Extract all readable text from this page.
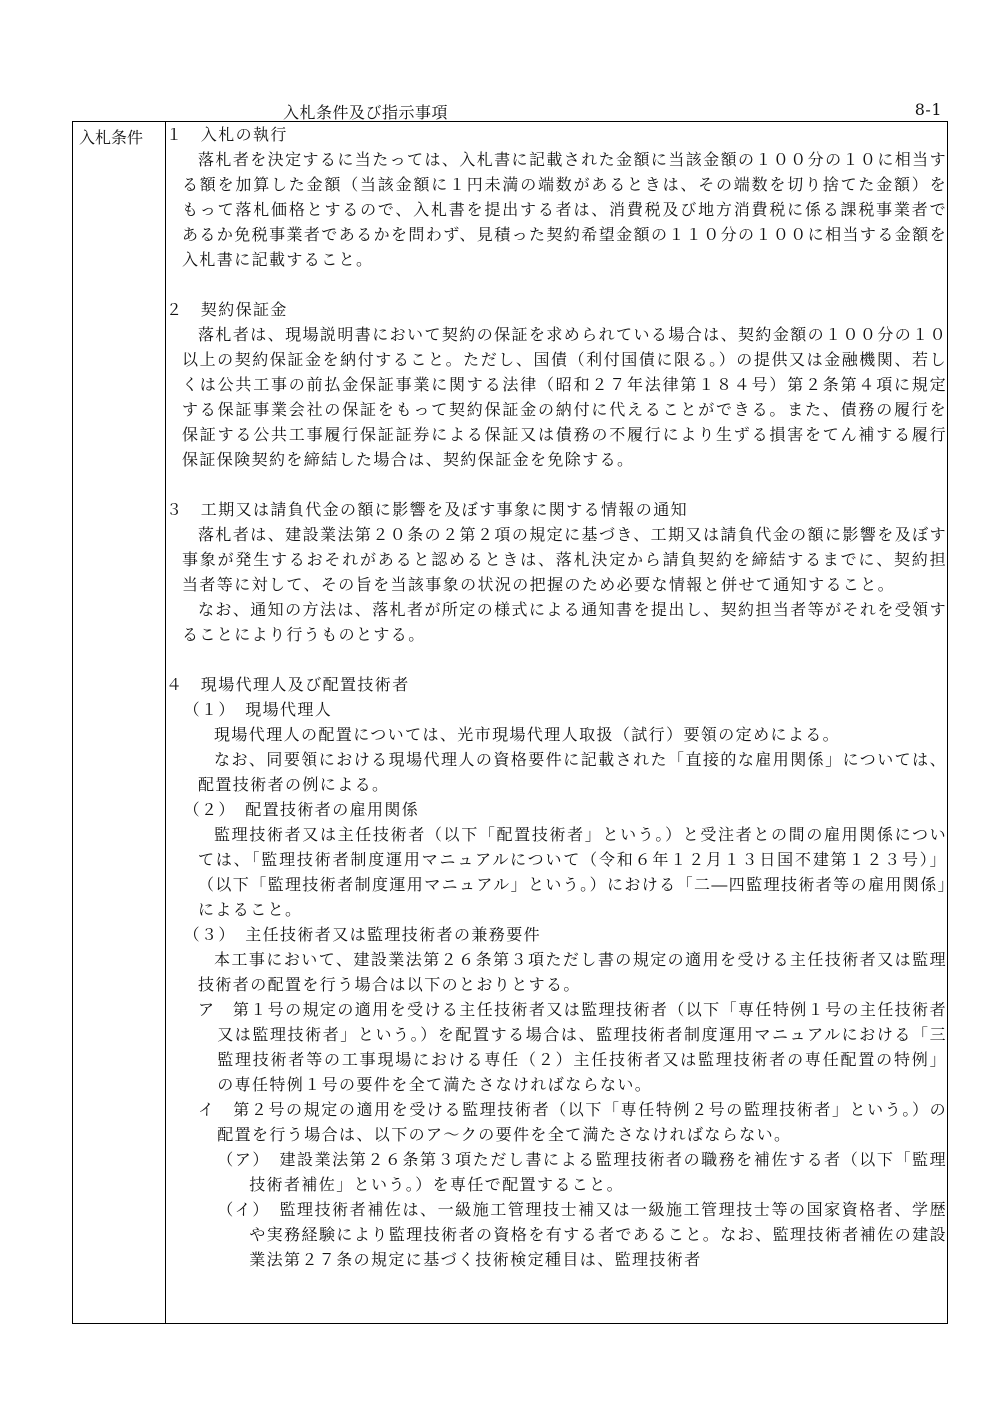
入札条件及び指示事項	8-1
入札条件	１　入札の執行

落札者を決定するに当たっては、入札書に記載された金額に当該金額の１００分の１０に相当する額を加算した金額（当該金額に１円未満の端数があるときは、その端数を切り捨てた金額）をもって落札価格とするので、入札書を提出する者は、消費税及び地方消費税に係る課税事業者であるか免税事業者であるかを問わず、見積った契約希望金額の１１０分の１００に相当する金額を入札書に記載すること。

２　契約保証金

落札者は、現場説明書において契約の保証を求められている場合は、契約金額の１００分の１０以上の契約保証金を納付すること。ただし、国債（利付国債に限る。）の提供又は金融機関、若しくは公共工事の前払金保証事業に関する法律（昭和２７年法律第１８４号）第２条第４項に規定する保証事業会社の保証をもって契約保証金の納付に代えることができる。また、債務の履行を保証する公共工事履行保証証券による保証又は債務の不履行により生ずる損害をてん補する履行保証保険契約を締結した場合は、契約保証金を免除する。

３　工期又は請負代金の額に影響を及ぼす事象に関する情報の通知

落札者は、建設業法第２０条の２第２項の規定に基づき、工期又は請負代金の額に影響を及ぼす事象が発生するおそれがあると認めるときは、落札決定から請負契約を締結するまでに、契約担当者等に対して、その旨を当該事象の状況の把握のため必要な情報と併せて通知すること。

なお、通知の方法は、落札者が所定の様式による通知書を提出し、契約担当者等がそれを受領することにより行うものとする。

４　現場代理人及び配置技術者

（１）　現場代理人

現場代理人の配置については、光市現場代理人取扱（試行）要領の定めによる。

なお、同要領における現場代理人の資格要件に記載された「直接的な雇用関係」については、配置技術者の例による。

（２）　配置技術者の雇用関係

監理技術者又は主任技術者（以下「配置技術者」という。）と受注者との間の雇用関係については、「監理技術者制度運用マニュアルについて（令和６年１２月１３日国不建第１２３号）」（以下「監理技術者制度運用マニュアル」という。）における「二―四監理技術者等の雇用関係」によること。

（３）　主任技術者又は監理技術者の兼務要件

本工事において、建設業法第２６条第３項ただし書の規定の適用を受ける主任技術者又は監理技術者の配置を行う場合は以下のとおりとする。

ア　第１号の規定の適用を受ける主任技術者又は監理技術者（以下「専任特例１号の主任技術者又は監理技術者」という。）を配置する場合は、監理技術者制度運用マニュアルにおける「三　監理技術者等の工事現場における専任（２）主任技術者又は監理技術者の専任配置の特例」の専任特例１号の要件を全て満たさなければならない。

イ　第２号の規定の適用を受ける監理技術者（以下「専任特例２号の監理技術者」という。）の配置を行う場合は、以下のア～クの要件を全て満たさなければならない。

（ア）　建設業法第２６条第３項ただし書による監理技術者の職務を補佐する者（以下「監理技術者補佐」という。）を専任で配置すること。

（イ）　監理技術者補佐は、一級施工管理技士補又は一級施工管理技士等の国家資格者、学歴や実務経験により監理技術者の資格を有する者であること。なお、監理技術者補佐の建設業法第２７条の規定に基づく技術検定種目は、監理技術者
